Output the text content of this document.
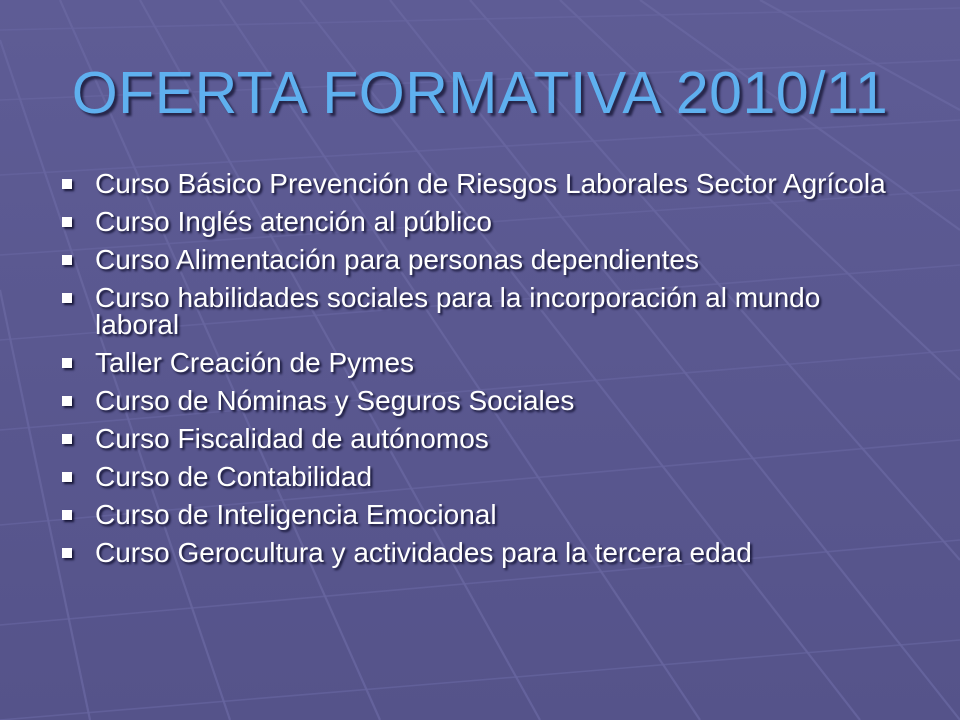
OFERTA FORMATIVA 2010/11
Curso Básico Prevención de Riesgos Laborales Sector Agrícola
Curso Inglés atención al público
Curso Alimentación para personas dependientes
Curso habilidades sociales para la incorporación al mundo laboral
Taller Creación de Pymes
Curso de Nóminas y Seguros Sociales
Curso Fiscalidad de autónomos
Curso de Contabilidad
Curso de Inteligencia Emocional
Curso Gerocultura y actividades para la tercera edad
